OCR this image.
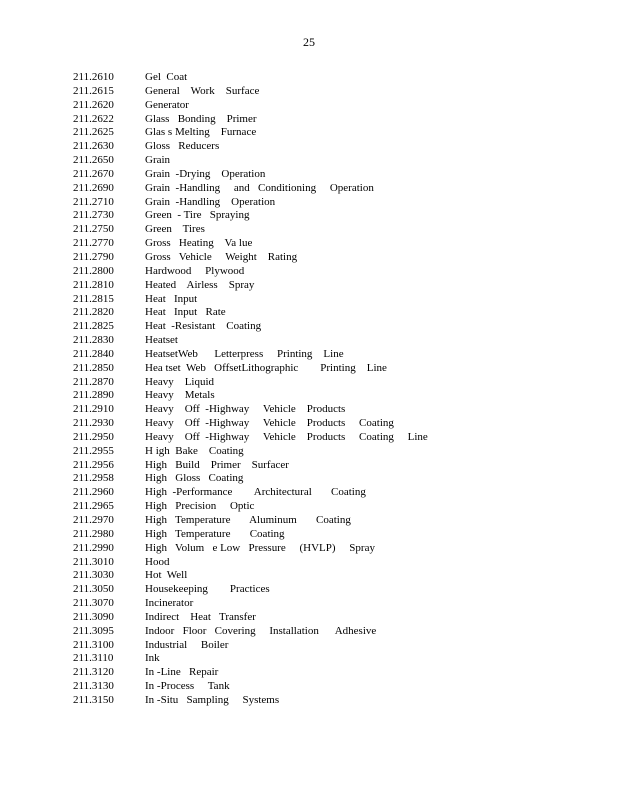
25
211.2610	Gel  Coat
211.2615	General    Work    Surface
211.2620	Generator
211.2622	Glass   Bonding    Primer
211.2625	Glas s Melting    Furnace
211.2630	Gloss   Reducers
211.2650	Grain
211.2670	Grain  -Drying    Operation
211.2690	Grain  -Handling     and   Conditioning     Operation
211.2710	Grain  -Handling    Operation
211.2730	Green  - Tire   Spraying
211.2750	Green    Tires
211.2770	Gross   Heating    Va lue
211.2790	Gross   Vehicle     Weight    Rating
211.2800	Hardwood     Plywood
211.2810	Heated    Airless    Spray
211.2815	Heat   Input
211.2820	Heat   Input   Rate
211.2825	Heat  -Resistant    Coating
211.2830	Heatset
211.2840	HeatsetWeb      Letterpress     Printing    Line
211.2850	Hea tset  Web   OffsetLithographic        Printing    Line
211.2870	Heavy    Liquid
211.2890	Heavy    Metals
211.2910	Heavy    Off  -Highway     Vehicle    Products
211.2930	Heavy    Off  -Highway     Vehicle    Products     Coating
211.2950	Heavy    Off  -Highway     Vehicle    Products     Coating     Line
211.2955	H igh  Bake    Coating
211.2956	High   Build    Primer    Surfacer
211.2958	High   Gloss   Coating
211.2960	High  -Performance        Architectural       Coating
211.2965	High   Precision     Optic
211.2970	High   Temperature       Aluminum       Coating
211.2980	High   Temperature       Coating
211.2990	High   Volum   e Low   Pressure     (HVLP)     Spray
211.3010	Hood
211.3030	Hot  Well
211.3050	Housekeeping        Practices
211.3070	Incinerator
211.3090	Indirect    Heat   Transfer
211.3095	Indoor   Floor   Covering     Installation      Adhesive
211.3100	Industrial     Boiler
211.3110	Ink
211.3120	In -Line   Repair
211.3130	In -Process     Tank
211.3150	In -Situ   Sampling     Systems
